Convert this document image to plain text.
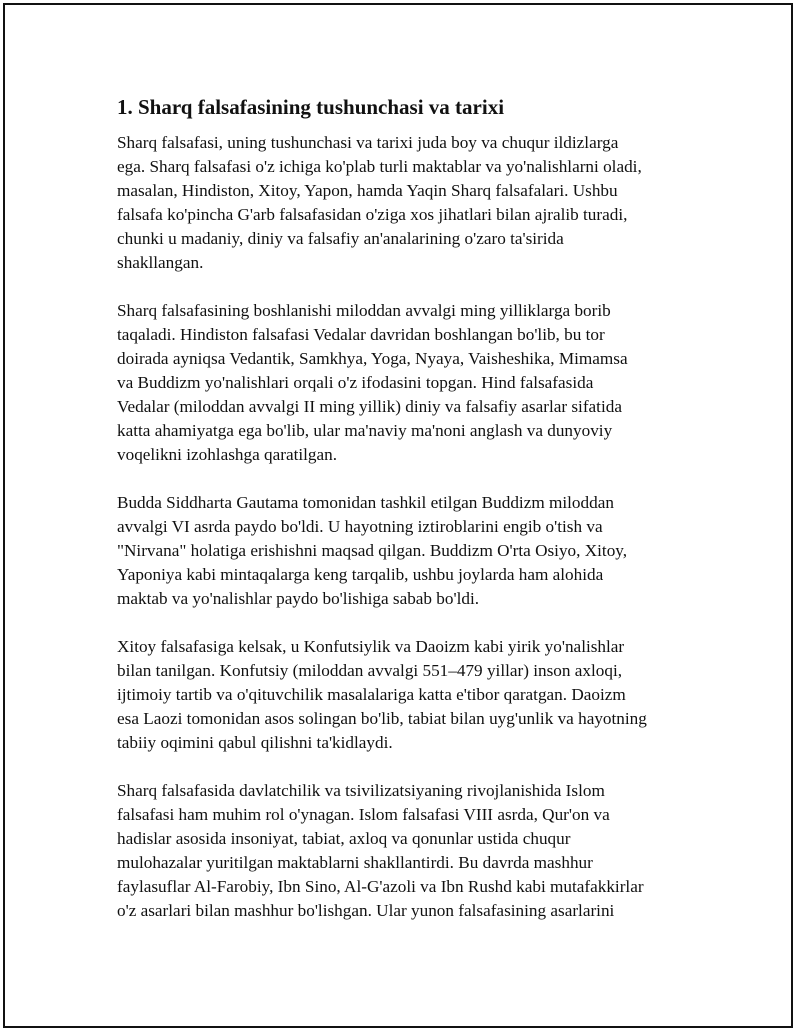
1. Sharq falsafasining tushunchasi va tarixi

Sharq falsafasi, uning tushunchasi va tarixi juda boy va chuqur ildizlarga
ega. Sharq falsafasi o'z ichiga ko'plab turli maktablar va yo'nalishlarni oladi,
masalan, Hindiston, Xitoy, Yapon, hamda Yaqin Sharq falsafalari. Ushbu
falsafa ko'pincha G'arb falsafasidan o'ziga xos jihatlari bilan ajralib turadi,
chunki u madaniy, diniy va falsafiy an'analarining o'zaro ta'sirida
shakllangan.

Sharq falsafasining boshlanishi miloddan avvalgi ming yilliklarga borib
taqaladi. Hindiston falsafasi Vedalar davridan boshlangan bo'lib, bu tor
doirada ayniqsa Vedantik, Samkhya, Yoga, Nyaya, Vaisheshika, Mimamsa
va Buddizm yo'nalishlari orqali o'z ifodasini topgan. Hind falsafasida
Vedalar (miloddan avvalgi II ming yillik) diniy va falsafiy asarlar sifatida
katta ahamiyatga ega bo'lib, ular ma'naviy ma'noni anglash va dunyoviy
voqelikni izohlashga qaratilgan.

Budda Siddharta Gautama tomonidan tashkil etilgan Buddizm miloddan
avvalgi VI asrda paydo bo'ldi. U hayotning iztiroblarini engib o'tish va
"Nirvana" holatiga erishishni maqsad qilgan. Buddizm O'rta Osiyo, Xitoy,
Yaponiya kabi mintaqalarga keng tarqalib, ushbu joylarda ham alohida
maktab va yo'nalishlar paydo bo'lishiga sabab bo'ldi.

Xitoy falsafasiga kelsak, u Konfutsiylik va Daoizm kabi yirik yo'nalishlar
bilan tanilgan. Konfutsiy (miloddan avvalgi 551–479 yillar) inson axloqi,
ijtimoiy tartib va o'qituvchilik masalalariga katta e'tibor qaratgan. Daoizm
esa Laozi tomonidan asos solingan bo'lib, tabiat bilan uyg'unlik va hayotning
tabiiy oqimini qabul qilishni ta'kidlaydi.

Sharq falsafasida davlatchilik va tsivilizatsiyaning rivojlanishida Islom
falsafasi ham muhim rol o'ynagan. Islom falsafasi VIII asrda, Qur'on va
hadislar asosida insoniyat, tabiat, axloq va qonunlar ustida chuqur
mulohazalar yuritilgan maktablarni shakllantirdi. Bu davrda mashhur
faylasuflar Al-Farobiy, Ibn Sino, Al-G'azoli va Ibn Rushd kabi mutafakkirlar
o'z asarlari bilan mashhur bo'lishgan. Ular yunon falsafasining asarlarini
